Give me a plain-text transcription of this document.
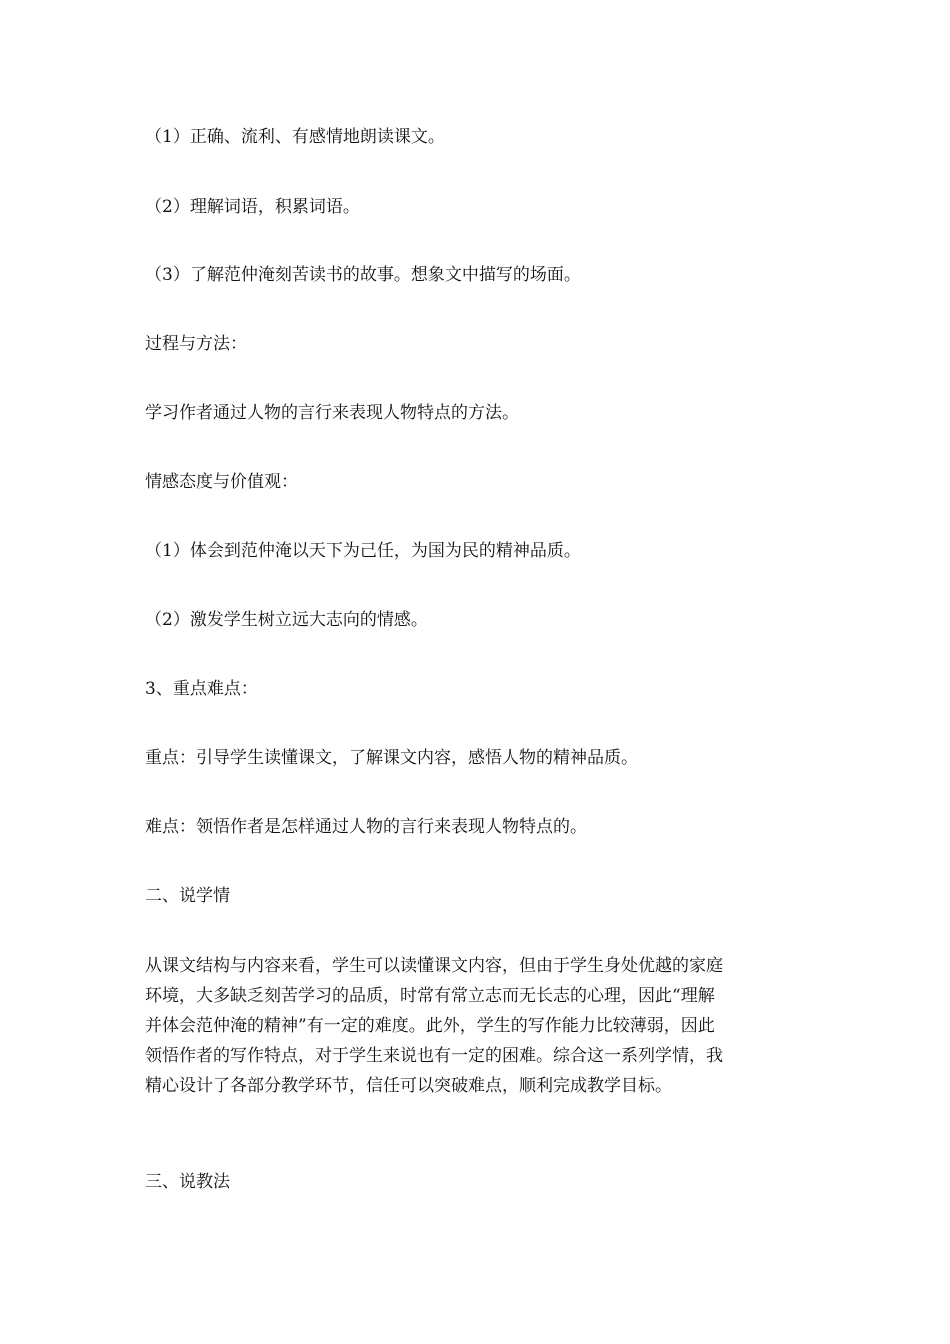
（1）正确、流利、有感情地朗读课文。

（2）理解词语，积累词语。

（3）了解范仲淹刻苦读书的故事。想象文中描写的场面。

过程与方法：

学习作者通过人物的言行来表现人物特点的方法。

情感态度与价值观：

（1）体会到范仲淹以天下为己任，为国为民的精神品质。

（2）激发学生树立远大志向的情感。

3、重点难点：

重点：引导学生读懂课文，了解课文内容，感悟人物的精神品质。

难点：领悟作者是怎样通过人物的言行来表现人物特点的。

二、说学情

从课文结构与内容来看，学生可以读懂课文内容，但由于学生身处优越的家庭
环境，大多缺乏刻苦学习的品质，时常有常立志而无长志的心理，因此“理解
并体会范仲淹的精神”有一定的难度。此外，学生的写作能力比较薄弱，因此
领悟作者的写作特点，对于学生来说也有一定的困难。综合这一系列学情，我
精心设计了各部分教学环节，信任可以突破难点，顺利完成教学目标。

三、说教法
